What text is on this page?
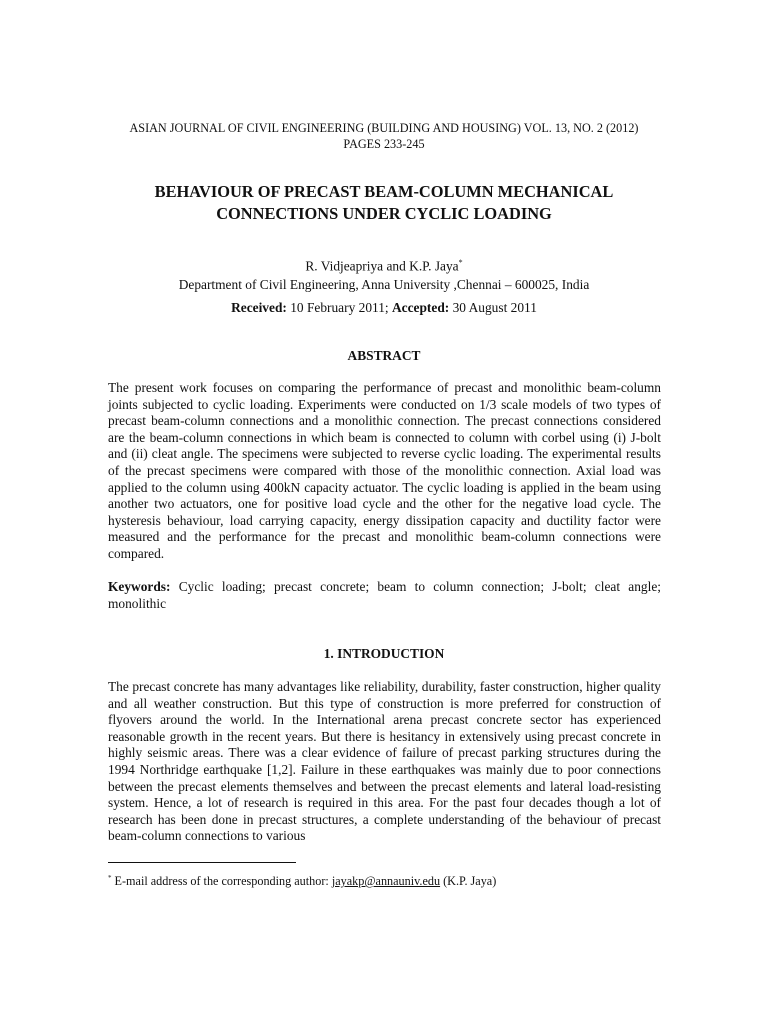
ASIAN JOURNAL OF CIVIL ENGINEERING (BUILDING AND HOUSING) VOL. 13, NO. 2 (2012)
PAGES 233-245
BEHAVIOUR OF PRECAST BEAM-COLUMN MECHANICAL
CONNECTIONS UNDER CYCLIC LOADING
R. Vidjeapriya and K.P. Jaya*
Department of Civil Engineering, Anna University ,Chennai – 600025, India
Received: 10 February 2011; Accepted: 30 August 2011
ABSTRACT

The present work focuses on comparing the performance of precast and monolithic beam-column joints subjected to cyclic loading. Experiments were conducted on 1/3 scale models of two types of precast beam-column connections and a monolithic connection. The precast connections considered are the beam-column connections in which beam is connected to column with corbel using (i) J-bolt and (ii) cleat angle. The specimens were subjected to reverse cyclic loading. The experimental results of the precast specimens were compared with those of the monolithic connection. Axial load was applied to the column using 400kN capacity actuator. The cyclic loading is applied in the beam using another two actuators, one for positive load cycle and the other for the negative load cycle. The hysteresis behaviour, load carrying capacity, energy dissipation capacity and ductility factor were measured and the performance for the precast and monolithic beam-column connections were compared.

Keywords: Cyclic loading; precast concrete; beam to column connection; J-bolt; cleat angle; monolithic

1. INTRODUCTION

The precast concrete has many advantages like reliability, durability, faster construction, higher quality and all weather construction. But this type of construction is more preferred for construction of flyovers around the world. In the International arena precast concrete sector has experienced reasonable growth in the recent years. But there is hesitancy in extensively using precast concrete in highly seismic areas. There was a clear evidence of failure of precast parking structures during the 1994 Northridge earthquake [1,2]. Failure in these earthquakes was mainly due to poor connections between the precast elements themselves and between the precast elements and lateral load-resisting system. Hence, a lot of research is required in this area. For the past four decades though a lot of research has been done in precast structures, a complete understanding of the behaviour of precast beam-column connections to various

* E-mail address of the corresponding author: jayakp@annauniv.edu (K.P. Jaya)
